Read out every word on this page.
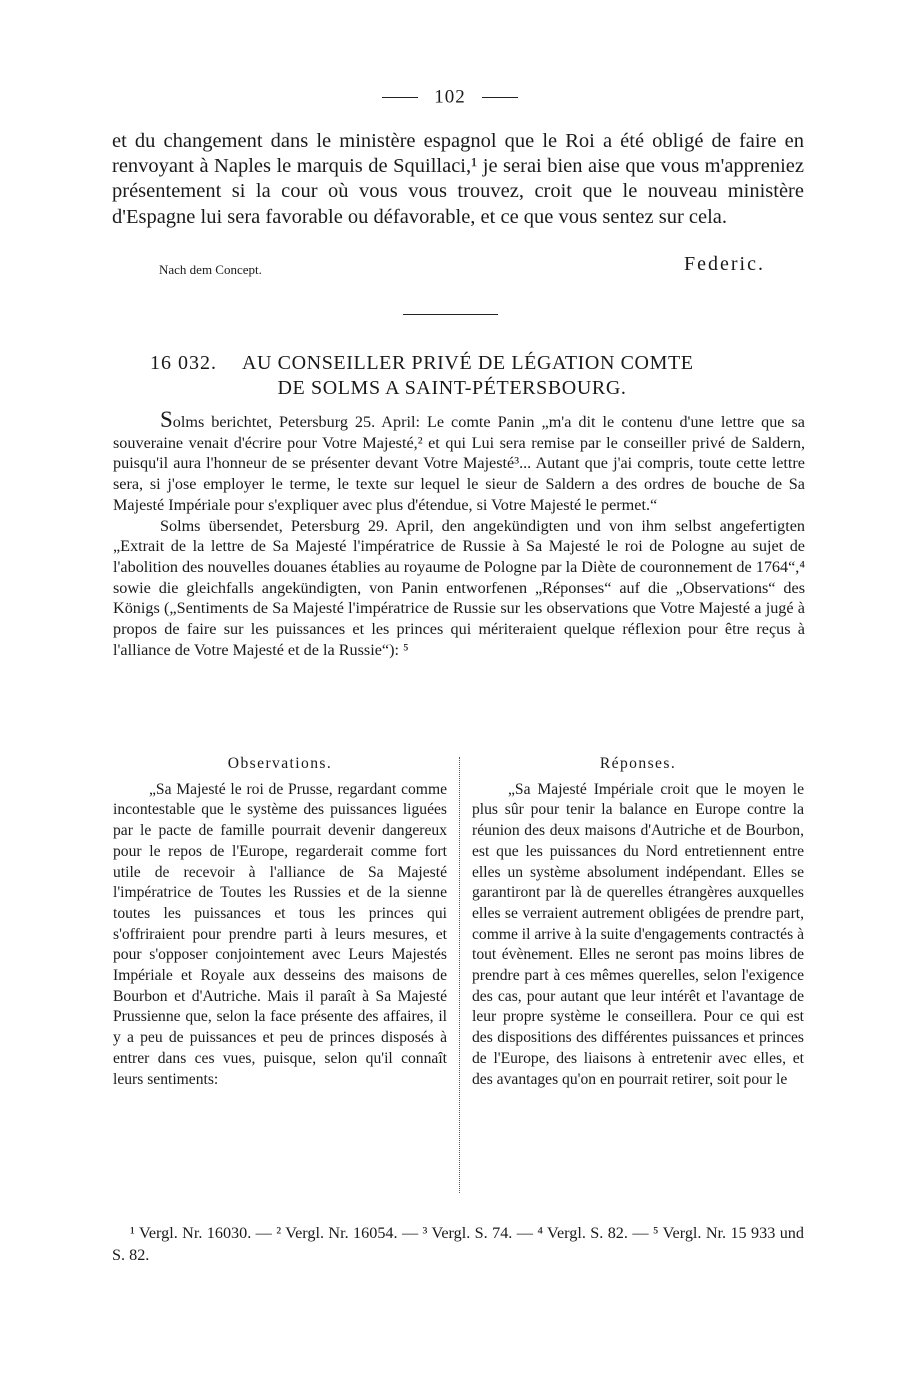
102

et du changement dans le ministère espagnol que le Roi a été obligé de faire en renvoyant à Naples le marquis de Squillaci,¹ je serai bien aise que vous m'appreniez présentement si la cour où vous vous trouvez, croit que le nouveau ministère d'Espagne lui sera favorable ou défavorable, et ce que vous sentez sur cela.

Nach dem Concept.	Federic.
16 032. AU CONSEILLER PRIVÉ DE LÉGATION COMTE
DE SOLMS A SAINT-PÉTERSBOURG.

Solms berichtet, Petersburg 25. April: Le comte Panin „m'a dit le contenu d'une lettre que sa souveraine venait d'écrire pour Votre Majesté,² et qui Lui sera remise par le conseiller privé de Saldern, puisqu'il aura l'honneur de se présenter devant Votre Majesté³... Autant que j'ai compris, toute cette lettre sera, si j'ose employer le terme, le texte sur lequel le sieur de Saldern a des ordres de bouche de Sa Majesté Impériale pour s'expliquer avec plus d'étendue, si Votre Majesté le permet.“

Solms übersendet, Petersburg 29. April, den angekündigten und von ihm selbst angefertigten „Extrait de la lettre de Sa Majesté l'impératrice de Russie à Sa Majesté le roi de Pologne au sujet de l'abolition des nouvelles douanes établies au royaume de Pologne par la Diète de couronnement de 1764“,⁴ sowie die gleichfalls angekündigten, von Panin entworfenen „Réponses“ auf die „Observations“ des Königs („Sentiments de Sa Majesté l'impératrice de Russie sur les observations que Votre Majesté a jugé à propos de faire sur les puissances et les princes qui mériteraient quelque réflexion pour être reçus à l'alliance de Votre Majesté et de la Russie“): ⁵

Observations.

„Sa Majesté le roi de Prusse, regardant comme incontestable que le système des puissances liguées par le pacte de famille pourrait devenir dangereux pour le repos de l'Europe, regarderait comme fort utile de recevoir à l'alliance de Sa Majesté l'impératrice de Toutes les Russies et de la sienne toutes les puissances et tous les princes qui s'offriraient pour prendre parti à leurs mesures, et pour s'opposer conjointement avec Leurs Majestés Impériale et Royale aux desseins des maisons de Bourbon et d'Autriche. Mais il paraît à Sa Majesté Prussienne que, selon la face présente des affaires, il y a peu de puissances et peu de princes disposés à entrer dans ces vues, puisque, selon qu'il connaît leurs sentiments:

Réponses.

„Sa Majesté Impériale croit que le moyen le plus sûr pour tenir la balance en Europe contre la réunion des deux maisons d'Autriche et de Bourbon, est que les puissances du Nord entretiennent entre elles un système absolument indépendant. Elles se garantiront par là de querelles étrangères auxquelles elles se verraient autrement obligées de prendre part, comme il arrive à la suite d'engagements contractés à tout évènement. Elles ne seront pas moins libres de prendre part à ces mêmes querelles, selon l'exigence des cas, pour autant que leur intérêt et l'avantage de leur propre système le conseillera. Pour ce qui est des dispositions des différentes puissances et princes de l'Europe, des liaisons à entretenir avec elles, et des avantages qu'on en pourrait retirer, soit pour le

¹ Vergl. Nr. 16030. — ² Vergl. Nr. 16054. — ³ Vergl. S. 74. — ⁴ Vergl. S. 82. — ⁵ Vergl. Nr. 15 933 und S. 82.
